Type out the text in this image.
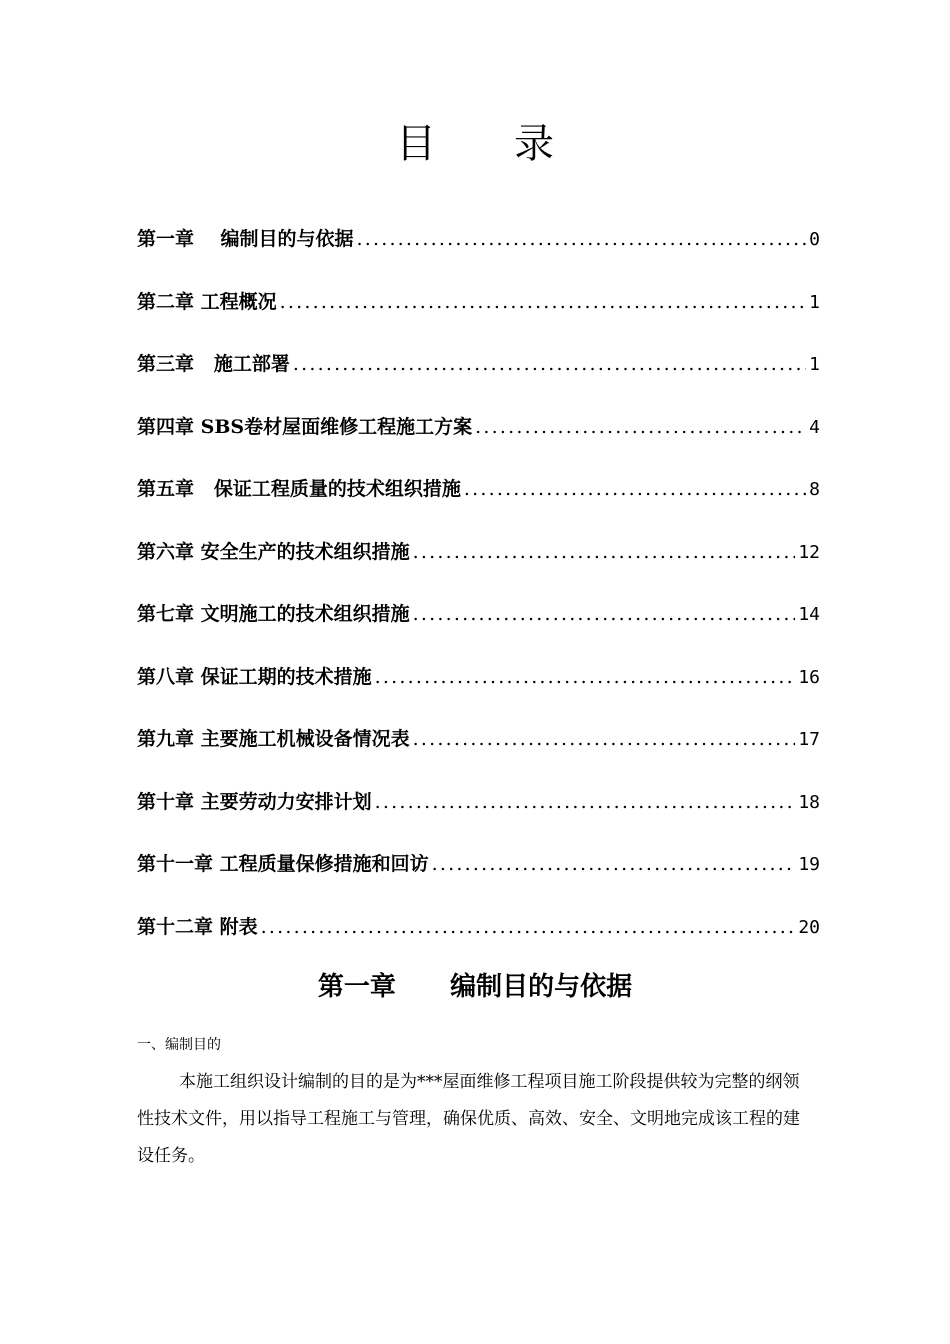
目录
第一章 编制目的与依据 .....	0
第二章 工程概况 .....	1
第三章 施工部署 .....	1
第四章 SBS卷材屋面维修工程施工方案 .....	4
第五章 保证工程质量的技术组织措施 .....	8
第六章 安全生产的技术组织措施 .....	12
第七章 文明施工的技术组织措施 .....	14
第八章 保证工期的技术措施 .....	16
第九章 主要施工机械设备情况表 .....	17
第十章 主要劳动力安排计划 .....	18
第十一章 工程质量保修措施和回访 .....	19
第十二章 附表 .....	20
第一章      编制目的与依据
一、编制目的
本施工组织设计编制的目的是为***屋面维修工程项目施工阶段提供较为完整的纲领性技术文件，用以指导工程施工与管理，确保优质、高效、安全、文明地完成该工程的建设任务。
